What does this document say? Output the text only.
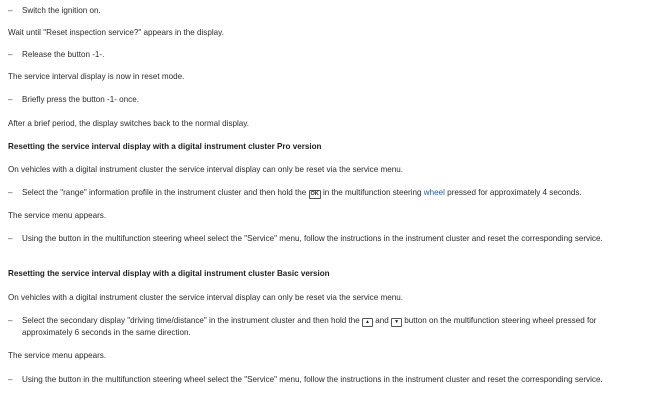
– Switch the ignition on.
Wait until "Reset inspection service?" appears in the display.
– Release the button -1-.
The service interval display is now in reset mode.
– Briefly press the button -1- once.
After a brief period, the display switches back to the normal display.
Resetting the service interval display with a digital instrument cluster Pro version
On vehicles with a digital instrument cluster the service interval display can only be reset via the service menu.
– Select the "range" information profile in the instrument cluster and then hold the OK in the multifunction steering wheel pressed for approximately 4 seconds.
The service menu appears.
– Using the button in the multifunction steering wheel select the "Service" menu, follow the instructions in the instrument cluster and reset the corresponding service.
Resetting the service interval display with a digital instrument cluster Basic version
On vehicles with a digital instrument cluster the service interval display can only be reset via the service menu.
– Select the secondary display "driving time/distance" in the instrument cluster and then hold the ▲ and ▼ button on the multifunction steering wheel pressed for approximately 6 seconds in the same direction.
The service menu appears.
– Using the button in the multifunction steering wheel select the "Service" menu, follow the instructions in the instrument cluster and reset the corresponding service.
